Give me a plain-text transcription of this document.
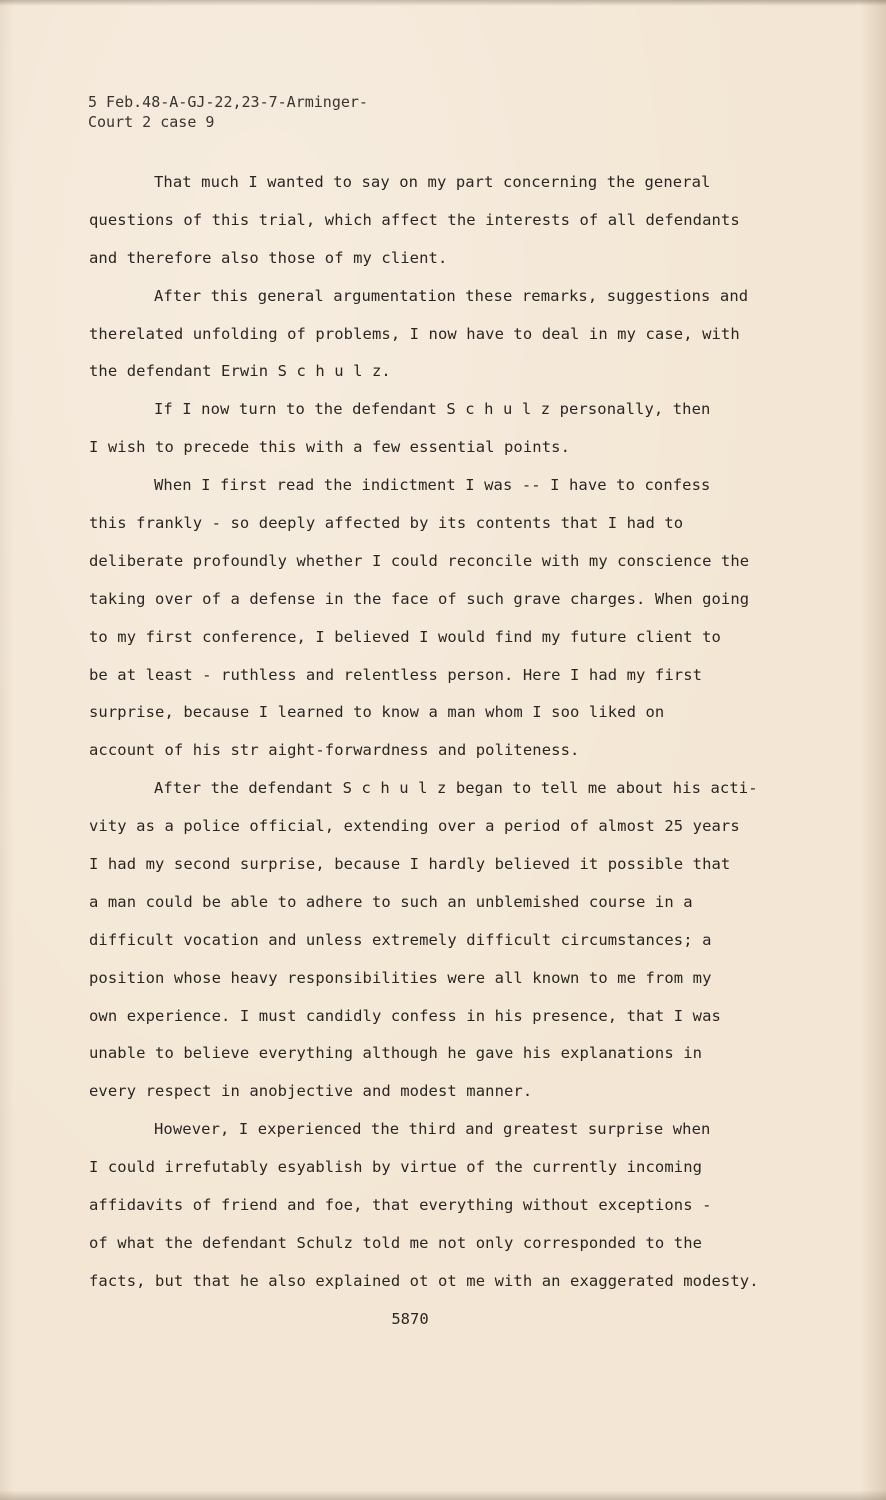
5 Feb.48-A-GJ-22,23-7-Arminger-
Court 2 case 9
That much I wanted to say on my part concerning the general
questions of this trial, which affect the interests of all defendants
and therefore also those of my client.
After this general argumentation these remarks, suggestions and
therelated unfolding of problems, I now have to deal in my case, with
the defendant Erwin S c h u l z.
If I now turn to the defendant S c h u l z personally, then
I wish to precede this with a few essential points.
When I first read the indictment I was -- I have to confess
this frankly - so deeply affected by its contents that I had to
deliberate profoundly whether I could reconcile with my conscience the
taking over of a defense in the face of such grave charges. When going
to my first conference, I believed I would find my future client to
be at least - ruthless and relentless person. Here I had my first
surprise, because I learned to know a man whom I soo liked on
account of his str aight-forwardness and politeness.
After the defendant S c h u l z began to tell me about his acti-
vity as a police official, extending over a period of almost 25 years
I had my second surprise, because I hardly believed it possible that
a man could be able to adhere to such an unblemished course in a
difficult vocation and unless extremely difficult circumstances; a
position whose heavy responsibilities were all known to me from my
own experience. I must candidly confess in his presence, that I was
unable to believe everything although he gave his explanations in
every respect in anobjective and modest manner.
However, I experienced the third and greatest surprise when
I could irrefutably esyablish by virtue of the currently incoming
affidavits of friend and foe, that everything without exceptions -
of what the defendant Schulz told me not only corresponded to the
facts, but that he also explained ot ot me with an exaggerated modesty.
5870
